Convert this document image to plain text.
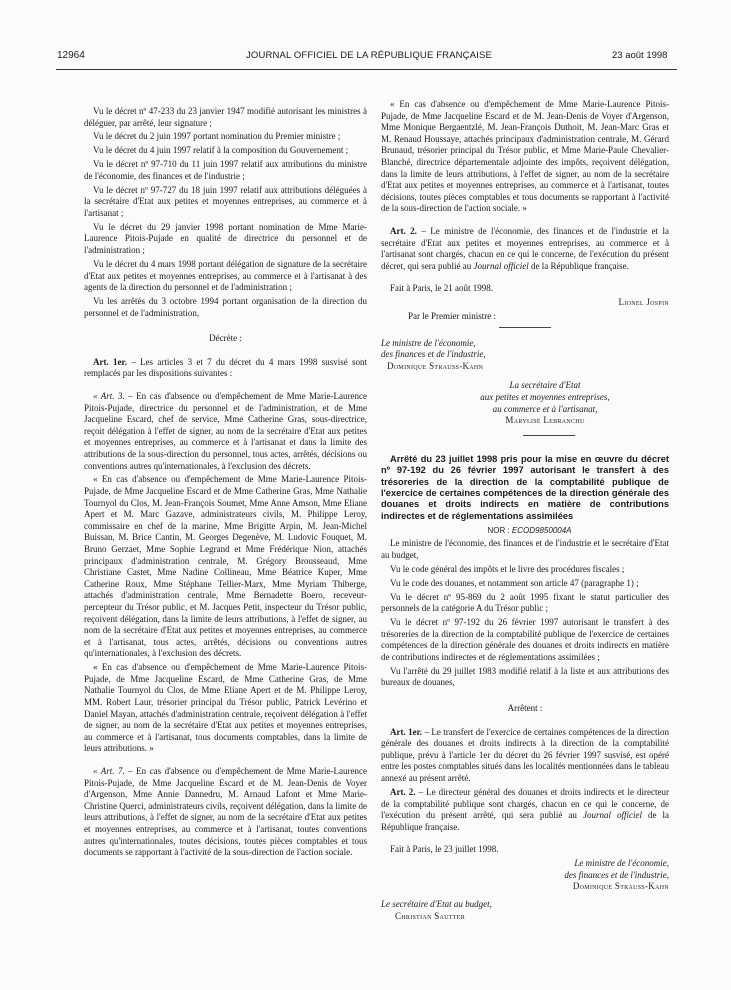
12964	JOURNAL OFFICIEL DE LA RÉPUBLIQUE FRANÇAISE	23 août 1998

Vu le décret nº 47-233 du 23 janvier 1947 modifié autorisant les ministres à déléguer, par arrêté, leur signature ;

Vu le décret du 2 juin 1997 portant nomination du Premier ministre ;

Vu le décret du 4 juin 1997 relatif à la composition du Gouvernement ;

Vu le décret nº 97-710 du 11 juin 1997 relatif aux attributions du ministre de l'économie, des finances et de l'industrie ;

Vu le décret nº 97-727 du 18 juin 1997 relatif aux attributions déléguées à la secrétaire d'Etat aux petites et moyennes entreprises, au commerce et à l'artisanat ;

Vu le décret du 29 janvier 1998 portant nomination de Mme Marie-Laurence Pitois-Pujade en qualité de directrice du personnel et de l'administration ;

Vu le décret du 4 mars 1998 portant délégation de signature de la secrétaire d'Etat aux petites et moyennes entreprises, au commerce et à l'artisanat à des agents de la direction du personnel et de l'administration ;

Vu les arrêtés du 3 octobre 1994 portant organisation de la direction du personnel et de l'administration,

Décrète :

Art. 1er. – Les articles 3 et 7 du décret du 4 mars 1998 susvisé sont remplacés par les dispositions suivantes :

« Art. 3. – En cas d'absence ou d'empêchement de Mme Marie-Laurence Pitois-Pujade, directrice du personnel et de l'administration, et de Mme Jacqueline Escard, chef de service, Mme Catherine Gras, sous-directrice, reçoit délégation à l'effet de signer, au nom de la secrétaire d'Etat aux petites et moyennes entreprises, au commerce et à l'artisanat et dans la limite des attributions de la sous-direction du personnel, tous actes, arrêtés, décisions ou conventions autres qu'internationales, à l'exclusion des décrets.

« En cas d'absence ou d'empêchement de Mme Marie-Laurence Pitois-Pujade, de Mme Jacqueline Escard et de Mme Catherine Gras, Mme Nathalie Tournyol du Clos, M. Jean-François Soumet, Mme Anne Amson, Mme Eliane Apert et M. Marc Gazave, administrateurs civils, M. Philippe Leroy, commissaire en chef de la marine, Mme Brigitte Arpin, M. Jean-Michel Buissan, M. Brice Cantin, M. Georges Degenève, M. Ludovic Fouquet, M. Bruno Gerzaet, Mme Sophie Legrand et Mme Frédérique Nion, attachés principaux d'administration centrale, M. Grégory Brousseaud, Mme Christiane Castet, Mme Nadine Collineau, Mme Béatrice Kuper, Mme Catherine Roux, Mme Stéphane Tellier-Marx, Mme Myriam Thiberge, attachés d'administration centrale, Mme Bernadette Boero, receveur-percepteur du Trésor public, et M. Jacques Petit, inspecteur du Trésor public, reçoivent délégation, dans la limite de leurs attributions, à l'effet de signer, au nom de la secrétaire d'Etat aux petites et moyennes entreprises, au commerce et à l'artisanat, tous actes, arrêtés, décisions ou conventions autres qu'internationales, à l'exclusion des décrets.

« En cas d'absence ou d'empêchement de Mme Marie-Laurence Pitois-Pujade, de Mme Jacqueline Escard, de Mme Catherine Gras, de Mme Nathalie Tournyol du Clos, de Mme Eliane Apert et de M. Philippe Leroy, MM. Robert Laur, trésorier principal du Trésor public, Patrick Levérino et Daniel Mayan, attachés d'administration centrale, reçoivent délégation à l'effet de signer, au nom de la secrétaire d'Etat aux petites et moyennes entreprises, au commerce et à l'artisanat, tous documents comptables, dans la limite de leurs attributions. »

« Art. 7. – En cas d'absence ou d'empêchement de Mme Marie-Laurence Pitois-Pujade, de Mme Jacqueline Escard et de M. Jean-Denis de Voyer d'Argenson, Mme Annie Dannedru, M. Arnaud Lafont et Mme Marie-Christine Querci, administrateurs civils, reçoivent délégation, dans la limite de leurs attributions, à l'effet de signer, au nom de la secrétaire d'Etat aux petites et moyennes entreprises, au commerce et à l'artisanat, toutes conventions autres qu'internationales, toutes décisions, toutes pièces comptables et tous documents se rapportant à l'activité de la sous-direction de l'action sociale.

« En cas d'absence ou d'empêchement de Mme Marie-Laurence Pitois-Pujade, de Mme Jacqueline Escard et de M. Jean-Denis de Voyer d'Argenson, Mme Monique Bergaentzlé, M. Jean-François Duthoit, M. Jean-Marc Gras et M. Renaud Houssaye, attachés principaux d'administration centrale, M. Gérard Brunaud, trésorier principal du Trésor public, et Mme Marie-Paule Chevalier-Blanché, directrice départementale adjointe des impôts, reçoivent délégation, dans la limite de leurs attributions, à l'effet de signer, au nom de la secrétaire d'Etat aux petites et moyennes entreprises, au commerce et à l'artisanat, toutes décisions, toutes pièces comptables et tous documents se rapportant à l'activité de la sous-direction de l'action sociale. »

Art. 2. – Le ministre de l'économie, des finances et de l'industrie et la secrétaire d'Etat aux petites et moyennes entreprises, au commerce et à l'artisanat sont chargés, chacun en ce qui le concerne, de l'exécution du présent décret, qui sera publié au Journal officiel de la République française.

Fait à Paris, le 21 août 1998.

Lionel Jospin

Par le Premier ministre :

Le ministre de l'économie,
des finances et de l'industrie,
Dominique Strauss-Kahn
La secrétaire d'Etat
aux petites et moyennes entreprises,
au commerce et à l'artisanat,
Marylise Lebranchu

Arrêté du 23 juillet 1998 pris pour la mise en œuvre du décret nº 97-192 du 26 février 1997 autorisant le transfert à des trésoreries de la direction de la comptabilité publique de l'exercice de certaines compétences de la direction générale des douanes et droits indirects en matière de contributions indirectes et de réglementations assimilées

NOR : ECOD9850004A

Le ministre de l'économie, des finances et de l'industrie et le secrétaire d'Etat au budget,

Vu le code général des impôts et le livre des procédures fiscales ;

Vu le code des douanes, et notamment son article 47 (paragraphe 1) ;

Vu le décret nº 95-869 du 2 août 1995 fixant le statut particulier des personnels de la catégorie A du Trésor public ;

Vu le décret nº 97-192 du 26 février 1997 autorisant le transfert à des trésoreries de la direction de la comptabilité publique de l'exercice de certaines compétences de la direction générale des douanes et droits indirects en matière de contributions indirectes et de réglementations assimilées ;

Vu l'arrêté du 29 juillet 1983 modifié relatif à la liste et aux attributions des bureaux de douanes,

Arrêtent :

Art. 1er. – Le transfert de l'exercice de certaines compétences de la direction générale des douanes et droits indirects à la direction de la comptabilité publique, prévu à l'article 1er du décret du 26 février 1997 susvisé, est opéré entre les postes comptables situés dans les localités mentionnées dans le tableau annexé au présent arrêté.

Art. 2. – Le directeur général des douanes et droits indirects et le directeur de la comptabilité publique sont chargés, chacun en ce qui le concerne, de l'exécution du présent arrêté, qui sera publié au Journal officiel de la République française.

Fait à Paris, le 23 juillet 1998.

Le ministre de l'économie,
des finances et de l'industrie,
Dominique Strauss-Kahn
Le secrétaire d'Etat au budget,
Christian Sautter
